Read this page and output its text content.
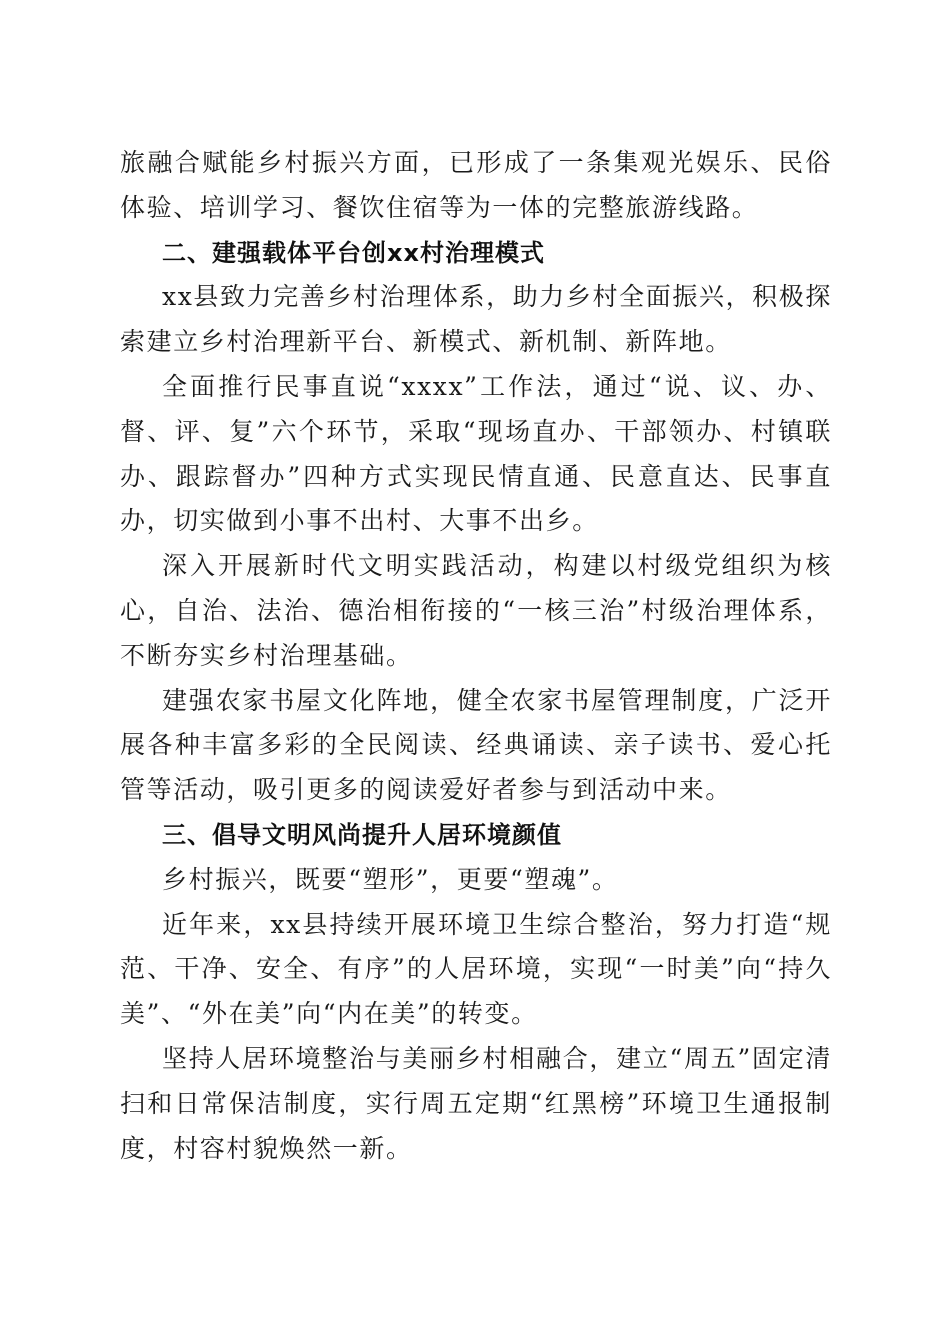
旅融合赋能乡村振兴方面，已形成了一条集观光娱乐、民俗体验、培训学习、餐饮住宿等为一体的完整旅游线路。

二、建强载体平台创xx村治理模式

xx县致力完善乡村治理体系，助力乡村全面振兴，积极探索建立乡村治理新平台、新模式、新机制、新阵地。

全面推行民事直说“xxxx”工作法，通过“说、议、办、督、评、复”六个环节，采取“现场直办、干部领办、村镇联办、跟踪督办”四种方式实现民情直通、民意直达、民事直办，切实做到小事不出村、大事不出乡。

深入开展新时代文明实践活动，构建以村级党组织为核心，自治、法治、德治相衔接的“一核三治”村级治理体系，不断夯实乡村治理基础。

建强农家书屋文化阵地，健全农家书屋管理制度，广泛开展各种丰富多彩的全民阅读、经典诵读、亲子读书、爱心托管等活动，吸引更多的阅读爱好者参与到活动中来。

三、倡导文明风尚提升人居环境颜值

乡村振兴，既要“塑形”，更要“塑魂”。

近年来，xx县持续开展环境卫生综合整治，努力打造“规范、干净、安全、有序”的人居环境，实现“一时美”向“持久美”、“外在美”向“内在美”的转变。

坚持人居环境整治与美丽乡村相融合，建立“周五”固定清扫和日常保洁制度，实行周五定期“红黑榜”环境卫生通报制度，村容村貌焕然一新。
